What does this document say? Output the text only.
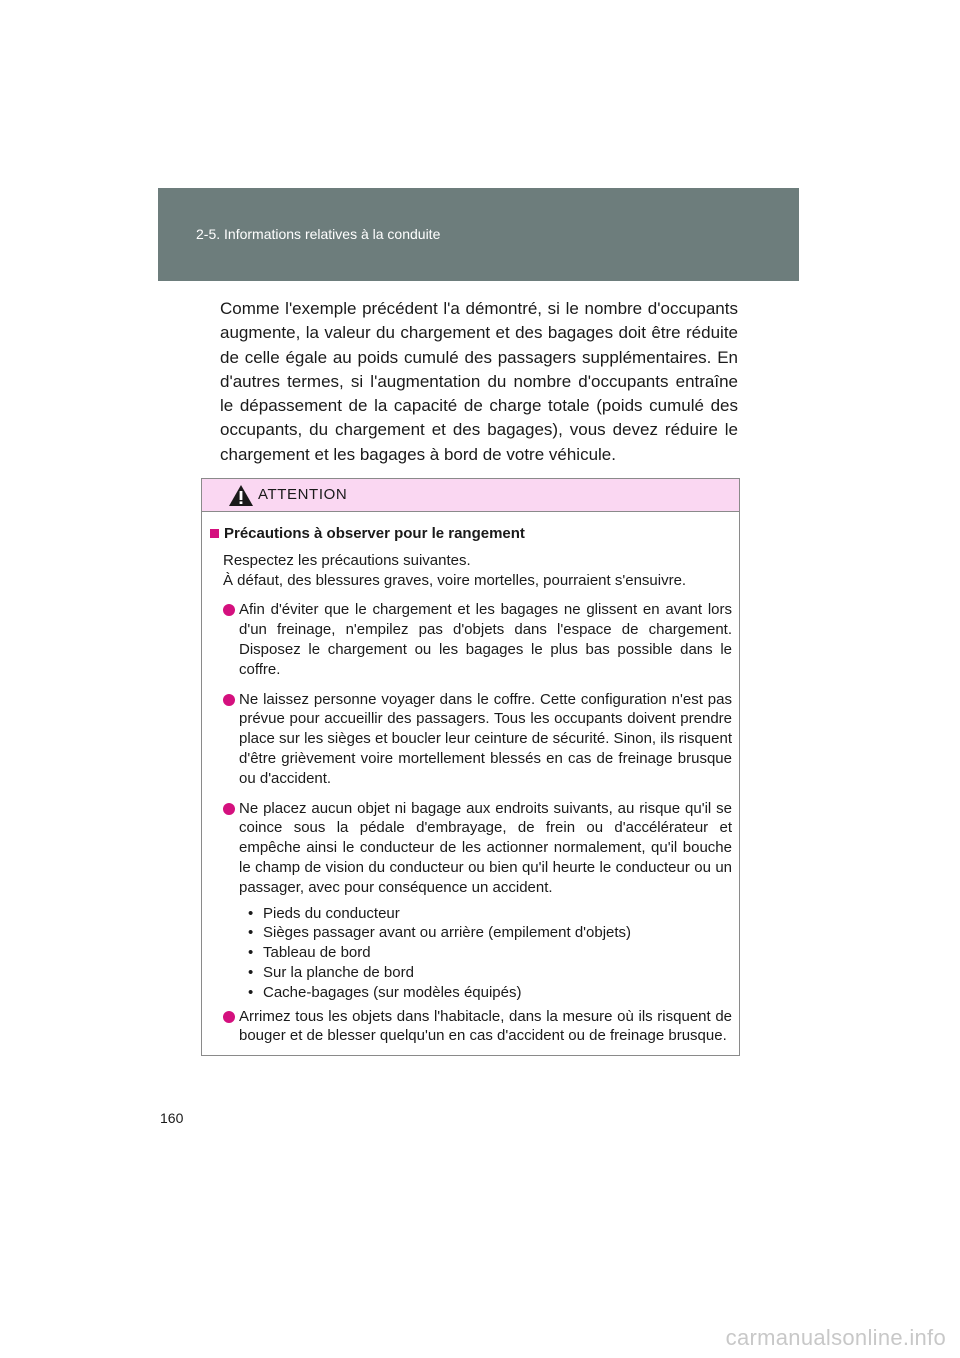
2-5. Informations relatives à la conduite

Comme l'exemple précédent l'a démontré, si le nombre d'occupants augmente, la valeur du chargement et des bagages doit être réduite de celle égale au poids cumulé des passagers supplémentaires. En d'autres termes, si l'augmentation du nombre d'occupants entraîne le dépassement de la capacité de charge totale (poids cumulé des occupants, du chargement et des bagages), vous devez réduire le chargement et les bagages à bord de votre véhicule.

ATTENTION
Précautions à observer pour le rangement
Respectez les précautions suivantes.
À défaut, des blessures graves, voire mortelles, pourraient s'ensuivre.
Afin d'éviter que le chargement et les bagages ne glissent en avant lors d'un freinage, n'empilez pas d'objets dans l'espace de chargement. Disposez le chargement ou les bagages le plus bas possible dans le coffre.
Ne laissez personne voyager dans le coffre. Cette configuration n'est pas prévue pour accueillir des passagers. Tous les occupants doivent prendre place sur les sièges et boucler leur ceinture de sécurité. Sinon, ils risquent d'être grièvement voire mortellement blessés en cas de freinage brusque ou d'accident.
Ne placez aucun objet ni bagage aux endroits suivants, au risque qu'il se coince sous la pédale d'embrayage, de frein ou d'accélérateur et empêche ainsi le conducteur de les actionner normalement, qu'il bouche le champ de vision du conducteur ou bien qu'il heurte le conducteur ou un passager, avec pour conséquence un accident.
• Pieds du conducteur
• Sièges passager avant ou arrière (empilement d'objets)
• Tableau de bord
• Sur la planche de bord
• Cache-bagages (sur modèles équipés)
Arrimez tous les objets dans l'habitacle, dans la mesure où ils risquent de bouger et de blesser quelqu'un en cas d'accident ou de freinage brusque.
160
carmanualsonline.info
